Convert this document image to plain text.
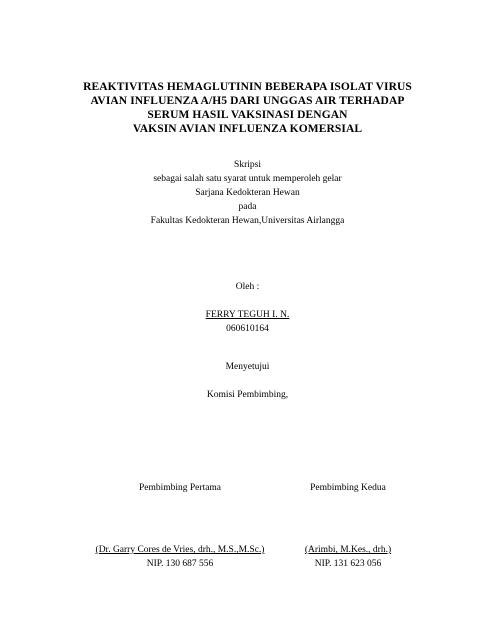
REAKTIVITAS HEMAGLUTININ BEBERAPA ISOLAT VIRUS
AVIAN INFLUENZA A/H5 DARI UNGGAS AIR TERHADAP
SERUM HASIL VAKSINASI DENGAN
VAKSIN AVIAN INFLUENZA KOMERSIAL
Skripsi
sebagai salah satu syarat untuk memperoleh gelar
Sarjana Kedokteran Hewan
pada
Fakultas Kedokteran Hewan,Universitas Airlangga
Oleh :
FERRY TEGUH I. N.
060610164
Menyetujui
Komisi Pembimbing,
Pembimbing Pertama	Pembimbing Kedua
(Dr. Garry Cores de Vries, drh., M.S.,M.Sc.)
NIP. 130 687 556
(Arimbi, M.Kes., drh.)
NIP. 131 623 056
